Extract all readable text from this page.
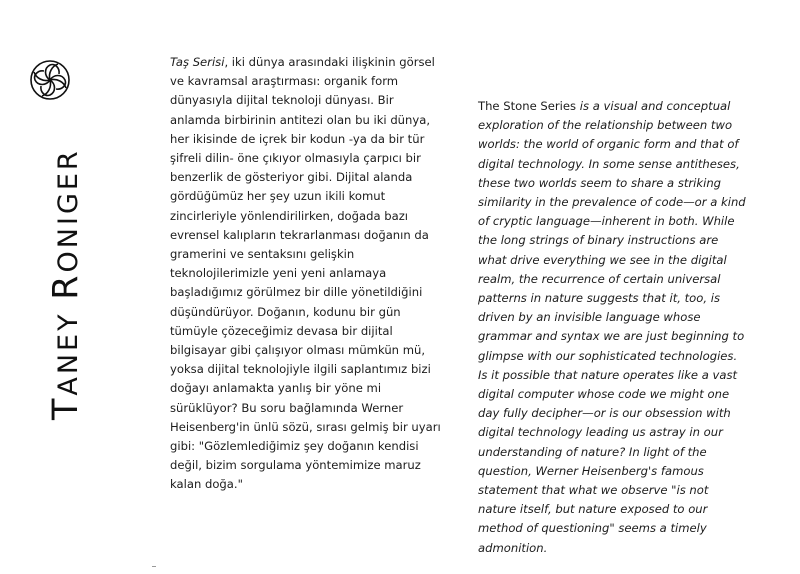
TANEY RONIGER
Taş Serisi, iki dünya arasındaki ilişkinin görsel
ve kavramsal araştırması: organik form
dünyasıyla dijital teknoloji dünyası. Bir
anlamda birbirinin antitezi olan bu iki dünya,
her ikisinde de içrek bir kodun -ya da bir tür
şifreli dilin- öne çıkıyor olmasıyla çarpıcı bir
benzerlik de gösteriyor gibi. Dijital alanda
gördüğümüz her şey uzun ikili komut
zincirleriyle yönlendirilirken, doğada bazı
evrensel kalıpların tekrarlanması doğanın da
gramerini ve sentaksını gelişkin
teknolojilerimizle yeni yeni anlamaya
başladığımız görülmez bir dille yönetildiğini
düşündürüyor. Doğanın, kodunu bir gün
tümüyle çözeceğimiz devasa bir dijital
bilgisayar gibi çalışıyor olması mümkün mü,
yoksa dijital teknolojiyle ilgili saplantımız bizi
doğayı anlamakta yanlış bir yöne mi
sürüklüyor? Bu soru bağlamında Werner
Heisenberg'in ünlü sözü, sırası gelmiş bir uyarı
gibi: "Gözlemlediğimiz şey doğanın kendisi
değil, bizim sorgulama yöntemimize maruz
kalan doğa."
The Stone Series is a visual and conceptual
exploration of the relationship between two
worlds: the world of organic form and that of
digital technology. In some sense antitheses,
these two worlds seem to share a striking
similarity in the prevalence of code—or a kind
of cryptic language—inherent in both. While
the long strings of binary instructions are
what drive everything we see in the digital
realm, the recurrence of certain universal
patterns in nature suggests that it, too, is
driven by an invisible language whose
grammar and syntax we are just beginning to
glimpse with our sophisticated technologies.
Is it possible that nature operates like a vast
digital computer whose code we might one
day fully decipher—or is our obsession with
digital technology leading us astray in our
understanding of nature? In light of the
question, Werner Heisenberg's famous
statement that what we observe "is not
nature itself, but nature exposed to our
method of questioning" seems a timely
admonition.
